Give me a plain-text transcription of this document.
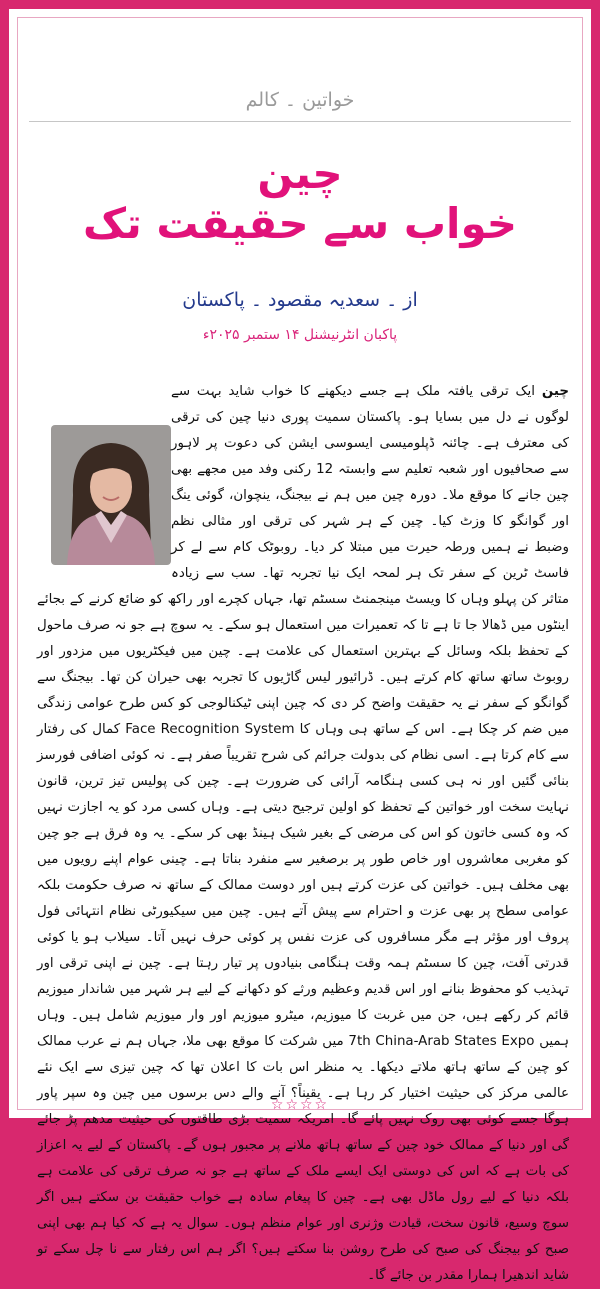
خواتین ۔ کالم
چین
خواب سے حقیقت تک
از ۔ سعدیہ مقصود ۔ پاکستان
پاکبان انٹرنیشنل ۱۴ ستمبر ۲۰۲۵ء
چین ایک ترقی یافتہ ملک ہے جسے دیکھنے کا خواب شاید بہت سے لوگوں نے دل میں بسایا ہو۔ پاکستان سمیت پوری دنیا چین کی ترقی کی معترف ہے۔ چائنہ ڈپلومیسی ایسوسی ایشن کی دعوت پر لاہور سے صحافیوں اور شعبہ تعلیم سے وابستہ 12 رکنی وفد میں مجھے بھی چین جانے کا موقع ملا۔ دورہ چین میں ہم نے بیجنگ، ینچوان، گوئی ینگ اور گوانگو کا وزٹ کیا۔ چین کے ہر شہر کی ترقی اور مثالی نظم وضبط نے ہمیں ورطہ حیرت میں مبتلا کر دیا۔ روبوٹک کام سے لے کر فاسٹ ٹرین کے سفر تک ہر لمحہ ایک نیا تجربہ تھا۔ سب سے زیادہ متاثر کن پہلو وہاں کا ویسٹ مینجمنٹ سسٹم تھا، جہاں کچرے اور راکھ کو ضائع کرنے کے بجائے اینٹوں میں ڈھالا جا تا ہے تا کہ تعمیرات میں استعمال ہو سکے۔ یہ سوچ ہے جو نہ صرف ماحول کے تحفظ بلکہ وسائل کے بہترین استعمال کی علامت ہے۔ چین میں فیکٹریوں میں مزدور اور روبوٹ ساتھ ساتھ کام کرتے ہیں۔ ڈرائیور لیس گاڑیوں کا تجربہ بھی حیران کن تھا۔ بیجنگ سے گوانگو کے سفر نے یہ حقیقت واضح کر دی کہ چین اپنی ٹیکنالوجی کو کس طرح عوامی زندگی میں ضم کر چکا ہے۔ اس کے ساتھ ہی وہاں کا Face Recognition System کمال کی رفتار سے کام کرتا ہے۔ اسی نظام کی بدولت جرائم کی شرح تقریباً صفر ہے۔ نہ کوئی اضافی فورسز بنائی گئیں اور نہ ہی کسی ہنگامہ آرائی کی ضرورت ہے۔ چین کی پولیس تیز ترین، قانون نہایت سخت اور خواتین کے تحفظ کو اولین ترجیح دیتی ہے۔ وہاں کسی مرد کو یہ اجازت نہیں کہ وہ کسی خاتون کو اس کی مرضی کے بغیر شیک ہینڈ بھی کر سکے۔ یہ وہ فرق ہے جو چین کو مغربی معاشروں اور خاص طور پر برصغیر سے منفرد بناتا ہے۔ چینی عوام اپنے رویوں میں بھی مخلف ہیں۔ خواتین کی عزت کرتے ہیں اور دوست ممالک کے ساتھ نہ صرف حکومت بلکہ عوامی سطح پر بھی عزت و احترام سے پیش آتے ہیں۔ چین میں سیکیورٹی نظام انتہائی فول پروف اور مؤثر ہے مگر مسافروں کی عزت نفس پر کوئی حرف نہیں آتا۔ سیلاب ہو یا کوئی قدرتی آفت، چین کا سسٹم ہمہ وقت ہنگامی بنیادوں پر تیار رہتا ہے۔ چین نے اپنی ترقی اور تہذیب کو محفوظ بنانے اور اس قدیم وعظیم ورثے کو دکھانے کے لیے ہر شہر میں شاندار میوزیم قائم کر رکھے ہیں، جن میں غربت کا میوزیم، میٹرو میوزیم اور وار میوزیم شامل ہیں۔ وہاں ہمیں 7th China-Arab States Expo میں شرکت کا موقع بھی ملا، جہاں ہم نے عرب ممالک کو چین کے ساتھ ہاتھ ملاتے دیکھا۔ یہ منظر اس بات کا اعلان تھا کہ چین تیزی سے ایک نئے عالمی مرکز کی حیثیت اختیار کر رہا ہے۔ یقیناً؟ آنے والے دس برسوں میں چین وہ سپر پاور ہوگا جسے کوئی بھی روک نہیں پائے گا۔ امریکہ سمیت بڑی طاقتوں کی حیثیت مدھم پڑ جائے گی اور دنیا کے ممالک خود چین کے ساتھ ہاتھ ملانے پر مجبور ہوں گے۔ پاکستان کے لیے یہ اعزاز کی بات ہے کہ اس کی دوستی ایک ایسے ملک کے ساتھ ہے جو نہ صرف ترقی کی علامت ہے بلکہ دنیا کے لیے رول ماڈل بھی ہے۔ چین کا پیغام سادہ ہے خواب حقیقت بن سکتے ہیں اگر سوچ وسیع، قانون سخت، قیادت وژنری اور عوام منظم ہوں۔ سوال یہ ہے کہ کیا ہم بھی اپنی صبح کو بیجنگ کی صبح کی طرح روشن بنا سکتے ہیں؟ اگر ہم اس رفتار سے نا چل سکے تو شاید اندھیرا ہمارا مقدر بن جائے گا۔
☆☆☆☆
